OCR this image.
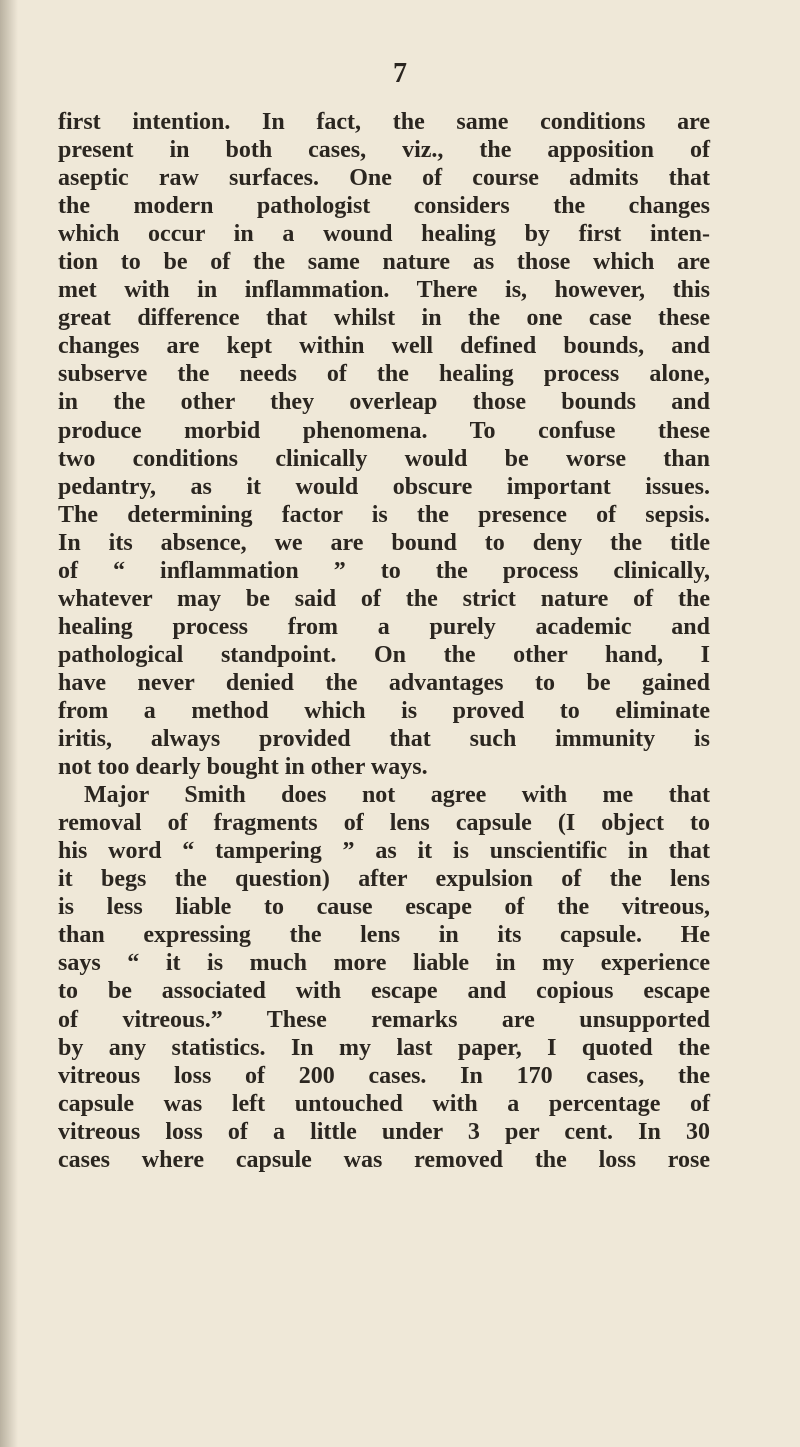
7
first intention. In fact, the same conditions are
present in both cases, viz., the apposition of
aseptic raw surfaces. One of course admits that
the modern pathologist considers the changes
which occur in a wound healing by first inten-
tion to be of the same nature as those which are
met with in inflammation. There is, however, this
great difference that whilst in the one case these
changes are kept within well defined bounds, and
subserve the needs of the healing process alone,
in the other they overleap those bounds and
produce morbid phenomena. To confuse these
two conditions clinically would be worse than
pedantry, as it would obscure important issues.
The determining factor is the presence of sepsis.
In its absence, we are bound to deny the title
of “ inflammation ” to the process clinically,
whatever may be said of the strict nature of the
healing process from a purely academic and
pathological standpoint. On the other hand, I
have never denied the advantages to be gained
from a method which is proved to eliminate
iritis, always provided that such immunity is
not too dearly bought in other ways.
Major Smith does not agree with me that
removal of fragments of lens capsule (I object to
his word “ tampering ” as it is unscientific in that
it begs the question) after expulsion of the lens
is less liable to cause escape of the vitreous,
than expressing the lens in its capsule. He
says “ it is much more liable in my experience
to be associated with escape and copious escape
of vitreous.” These remarks are unsupported
by any statistics. In my last paper, I quoted the
vitreous loss of 200 cases. In 170 cases, the
capsule was left untouched with a percentage of
vitreous loss of a little under 3 per cent. In 30
cases where capsule was removed the loss rose
